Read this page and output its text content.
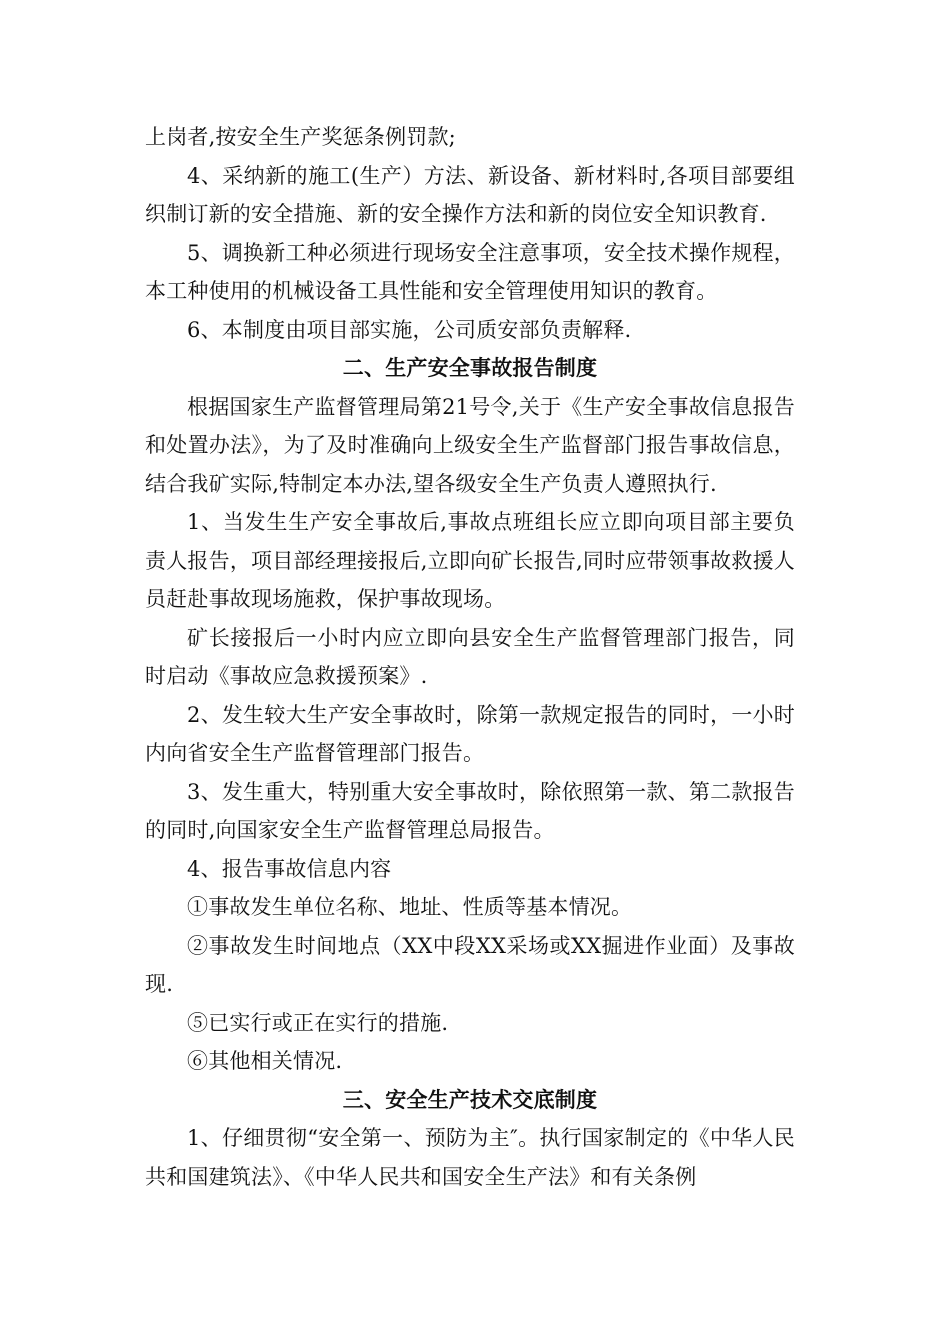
上岗者,按安全生产奖惩条例罚款;

4、采纳新的施工(生产）方法、新设备、新材料时,各项目部要组织制订新的安全措施、新的安全操作方法和新的岗位安全知识教育.

5、调换新工种必须进行现场安全注意事项，安全技术操作规程，本工种使用的机械设备工具性能和安全管理使用知识的教育。

6、本制度由项目部实施，公司质安部负责解释.

二、生产安全事故报告制度

根据国家生产监督管理局第21号令,关于《生产安全事故信息报告和处置办法》，为了及时准确向上级安全生产监督部门报告事故信息，结合我矿实际,特制定本办法,望各级安全生产负责人遵照执行.

1、当发生生产安全事故后,事故点班组长应立即向项目部主要负责人报告，项目部经理接报后,立即向矿长报告,同时应带领事故救援人员赶赴事故现场施救，保护事故现场。

矿长接报后一小时内应立即向县安全生产监督管理部门报告，同时启动《事故应急救援预案》.

2、发生较大生产安全事故时，除第一款规定报告的同时，一小时内向省安全生产监督管理部门报告。

3、发生重大，特别重大安全事故时，除依照第一款、第二款报告的同时,向国家安全生产监督管理总局报告。

4、报告事故信息内容

①事故发生单位名称、地址、性质等基本情况。

②事故发生时间地点（XX中段XX采场或XX掘进作业面）及事故现.

⑤已实行或正在实行的措施.

⑥其他相关情况.

三、安全生产技术交底制度

1、仔细贯彻“安全第一、预防为主″。执行国家制定的《中华人民共和国建筑法》、《中华人民共和国安全生产法》和有关条例
